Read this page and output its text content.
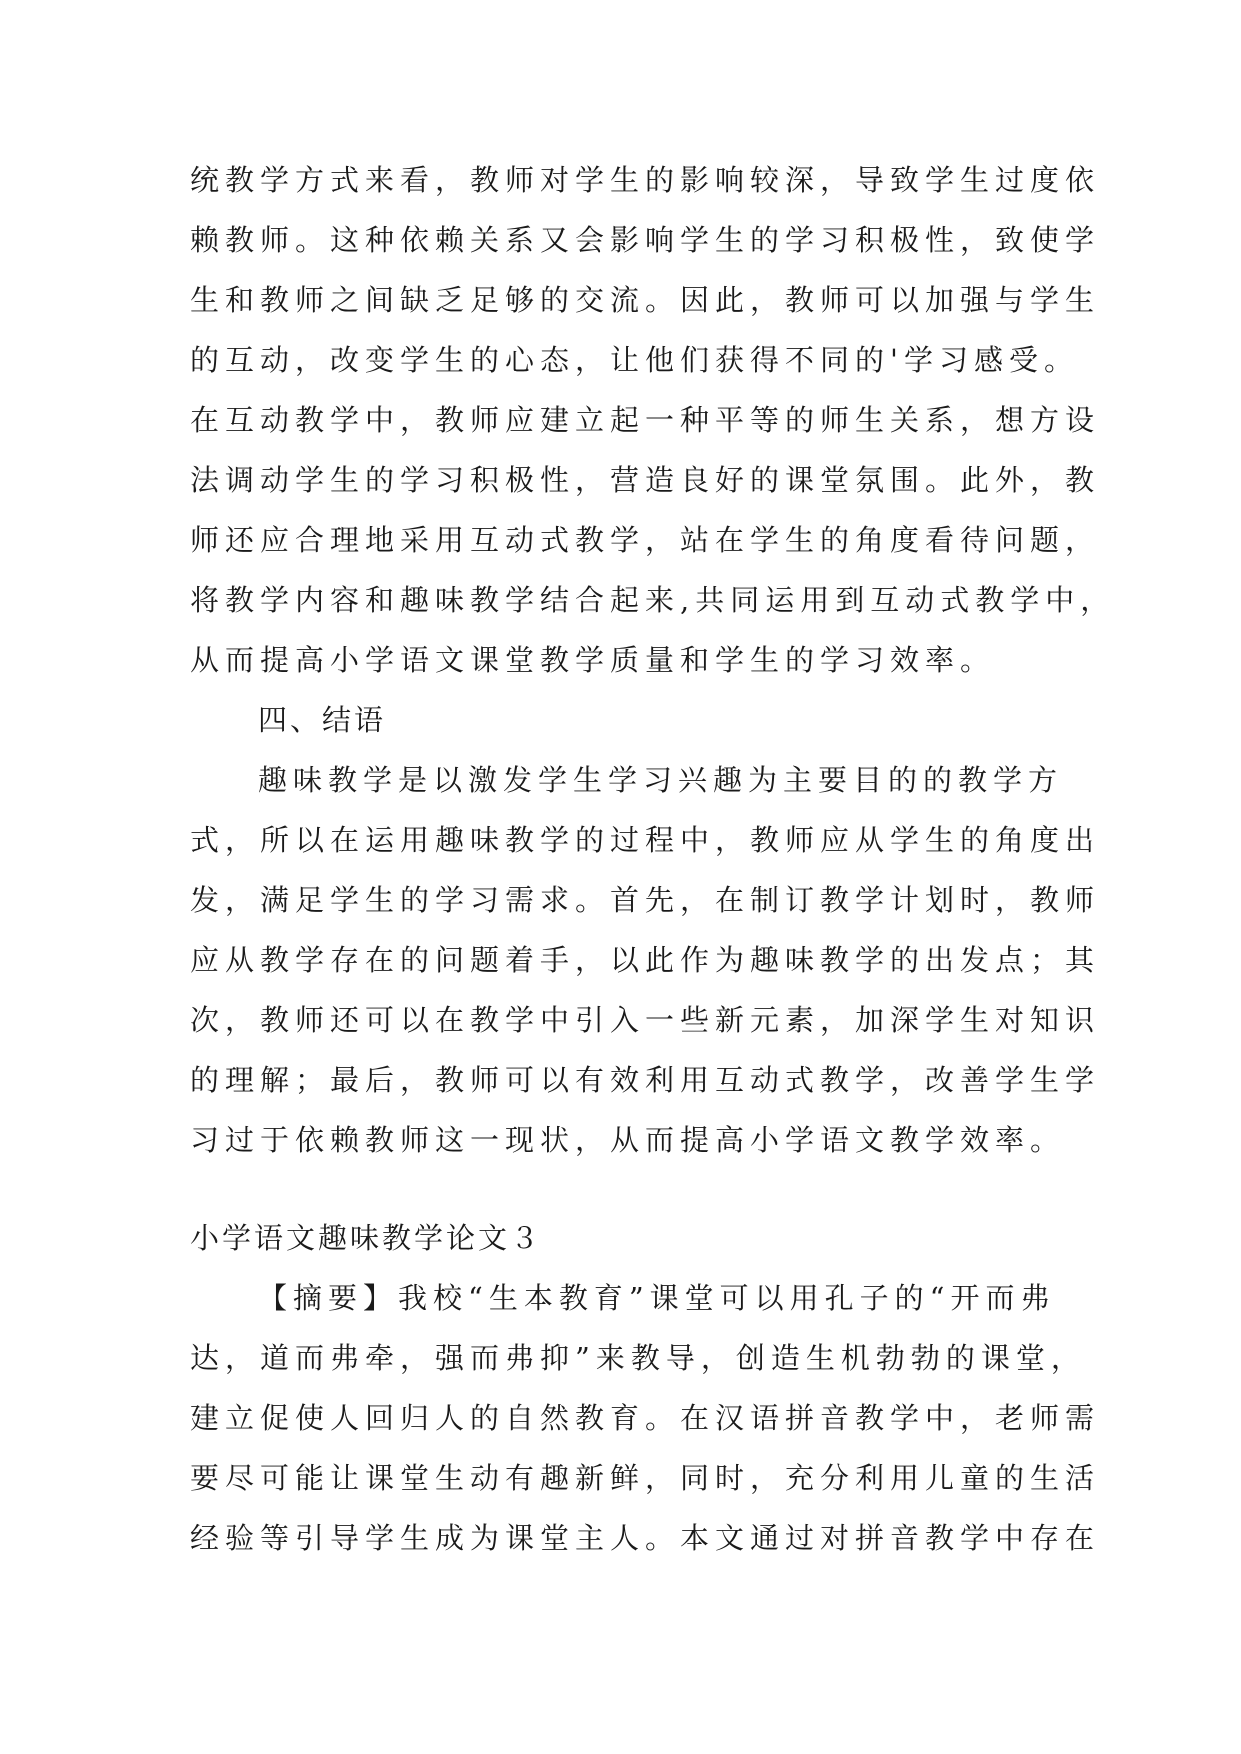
统教学方式来看，教师对学生的影响较深，导致学生过度依
赖教师。这种依赖关系又会影响学生的学习积极性，致使学
生和教师之间缺乏足够的交流。因此，教师可以加强与学生
的互动，改变学生的心态，让他们获得不同的'学习感受。
在互动教学中，教师应建立起一种平等的师生关系，想方设
法调动学生的学习积极性，营造良好的课堂氛围。此外，教
师还应合理地采用互动式教学，站在学生的角度看待问题，
将教学内容和趣味教学结合起来,共同运用到互动式教学中，
从而提高小学语文课堂教学质量和学生的学习效率。
四、结语
趣味教学是以激发学生学习兴趣为主要目的的教学方
式，所以在运用趣味教学的过程中，教师应从学生的角度出
发，满足学生的学习需求。首先，在制订教学计划时，教师
应从教学存在的问题着手，以此作为趣味教学的出发点；其
次，教师还可以在教学中引入一些新元素，加深学生对知识
的理解；最后，教师可以有效利用互动式教学，改善学生学
习过于依赖教师这一现状，从而提高小学语文教学效率。
小学语文趣味教学论文３
【摘要】我校“生本教育”课堂可以用孔子的“开而弗
达，道而弗牵，强而弗抑”来教导，创造生机勃勃的课堂，
建立促使人回归人的自然教育。在汉语拼音教学中，老师需
要尽可能让课堂生动有趣新鲜，同时，充分利用儿童的生活
经验等引导学生成为课堂主人。本文通过对拼音教学中存在
